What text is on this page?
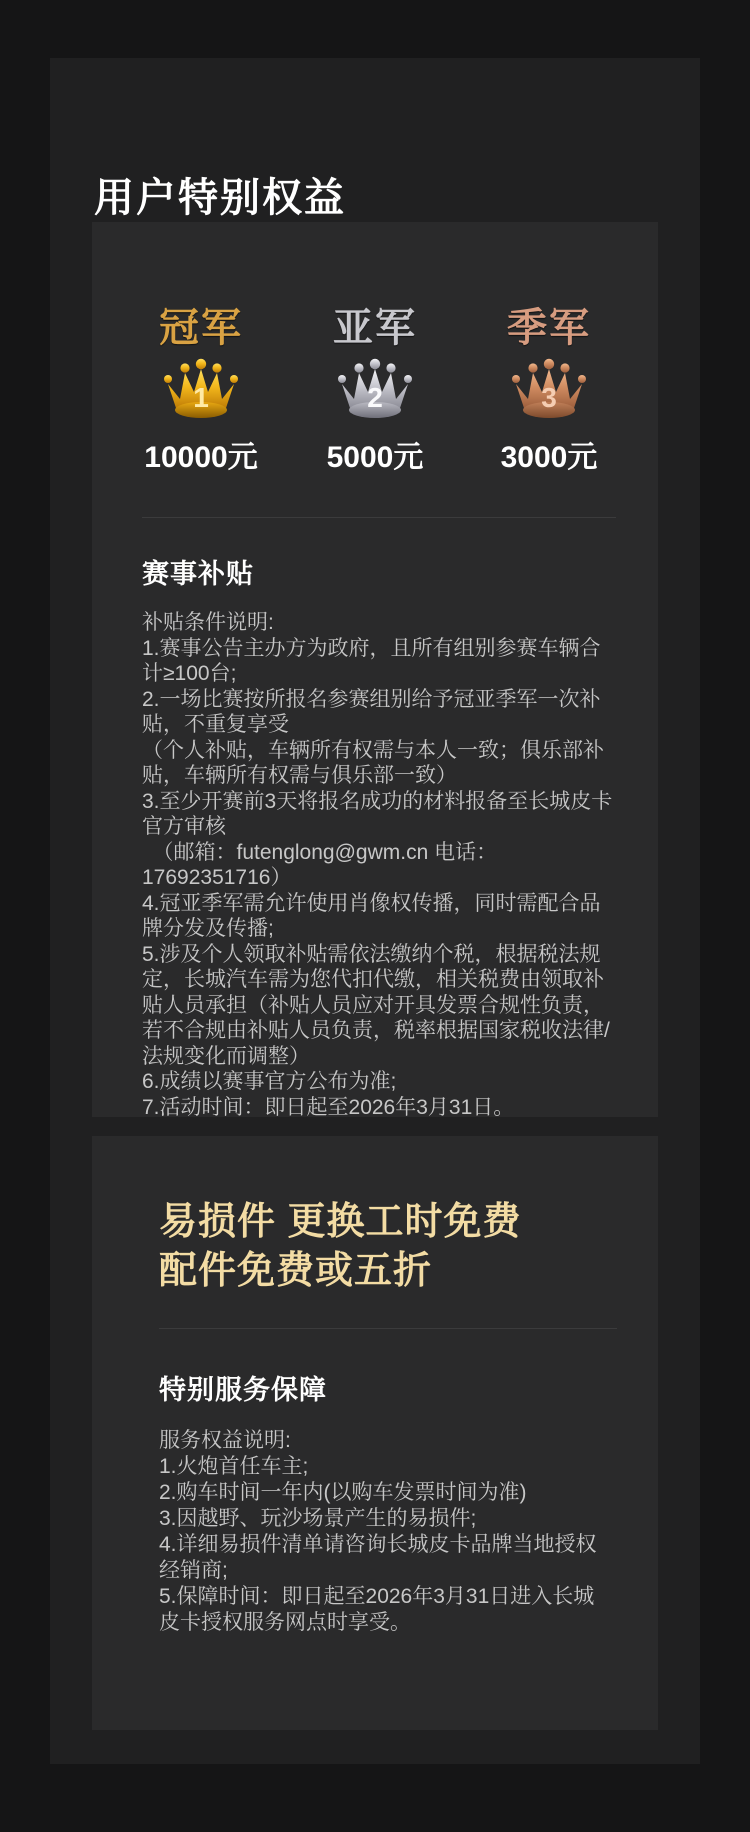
用户特别权益
冠军
1
10000元
亚军
2
5000元
季军
3
3000元
赛事补贴
补贴条件说明:
1.赛事公告主办方为政府，且所有组别参赛车辆合计≥100台;
2.一场比赛按所报名参赛组别给予冠亚季军一次补贴，不重复享受
（个人补贴，车辆所有权需与本人一致；俱乐部补贴，车辆所有权需与俱乐部一致）
3.至少开赛前3天将报名成功的材料报备至长城皮卡官方审核
　（邮箱：futenglong@gwm.cn 电话：17692351716）
4.冠亚季军需允许使用肖像权传播，同时需配合品牌分发及传播;
5.涉及个人领取补贴需依法缴纳个税，根据税法规定，长城汽车需为您代扣代缴，相关税费由领取补贴人员承担（补贴人员应对开具发票合规性负责，若不合规由补贴人员负责，税率根据国家税收法律/法规变化而调整）
6.成绩以赛事官方公布为准;
7.活动时间：即日起至2026年3月31日。
易损件 更换工时免费
配件免费或五折
特别服务保障
服务权益说明:
1.火炮首任车主;
2.购车时间一年内(以购车发票时间为准)
3.因越野、玩沙场景产生的易损件;
4.详细易损件清单请咨询长城皮卡品牌当地授权经销商;
5.保障时间：即日起至2026年3月31日进入长城皮卡授权服务网点时享受。
